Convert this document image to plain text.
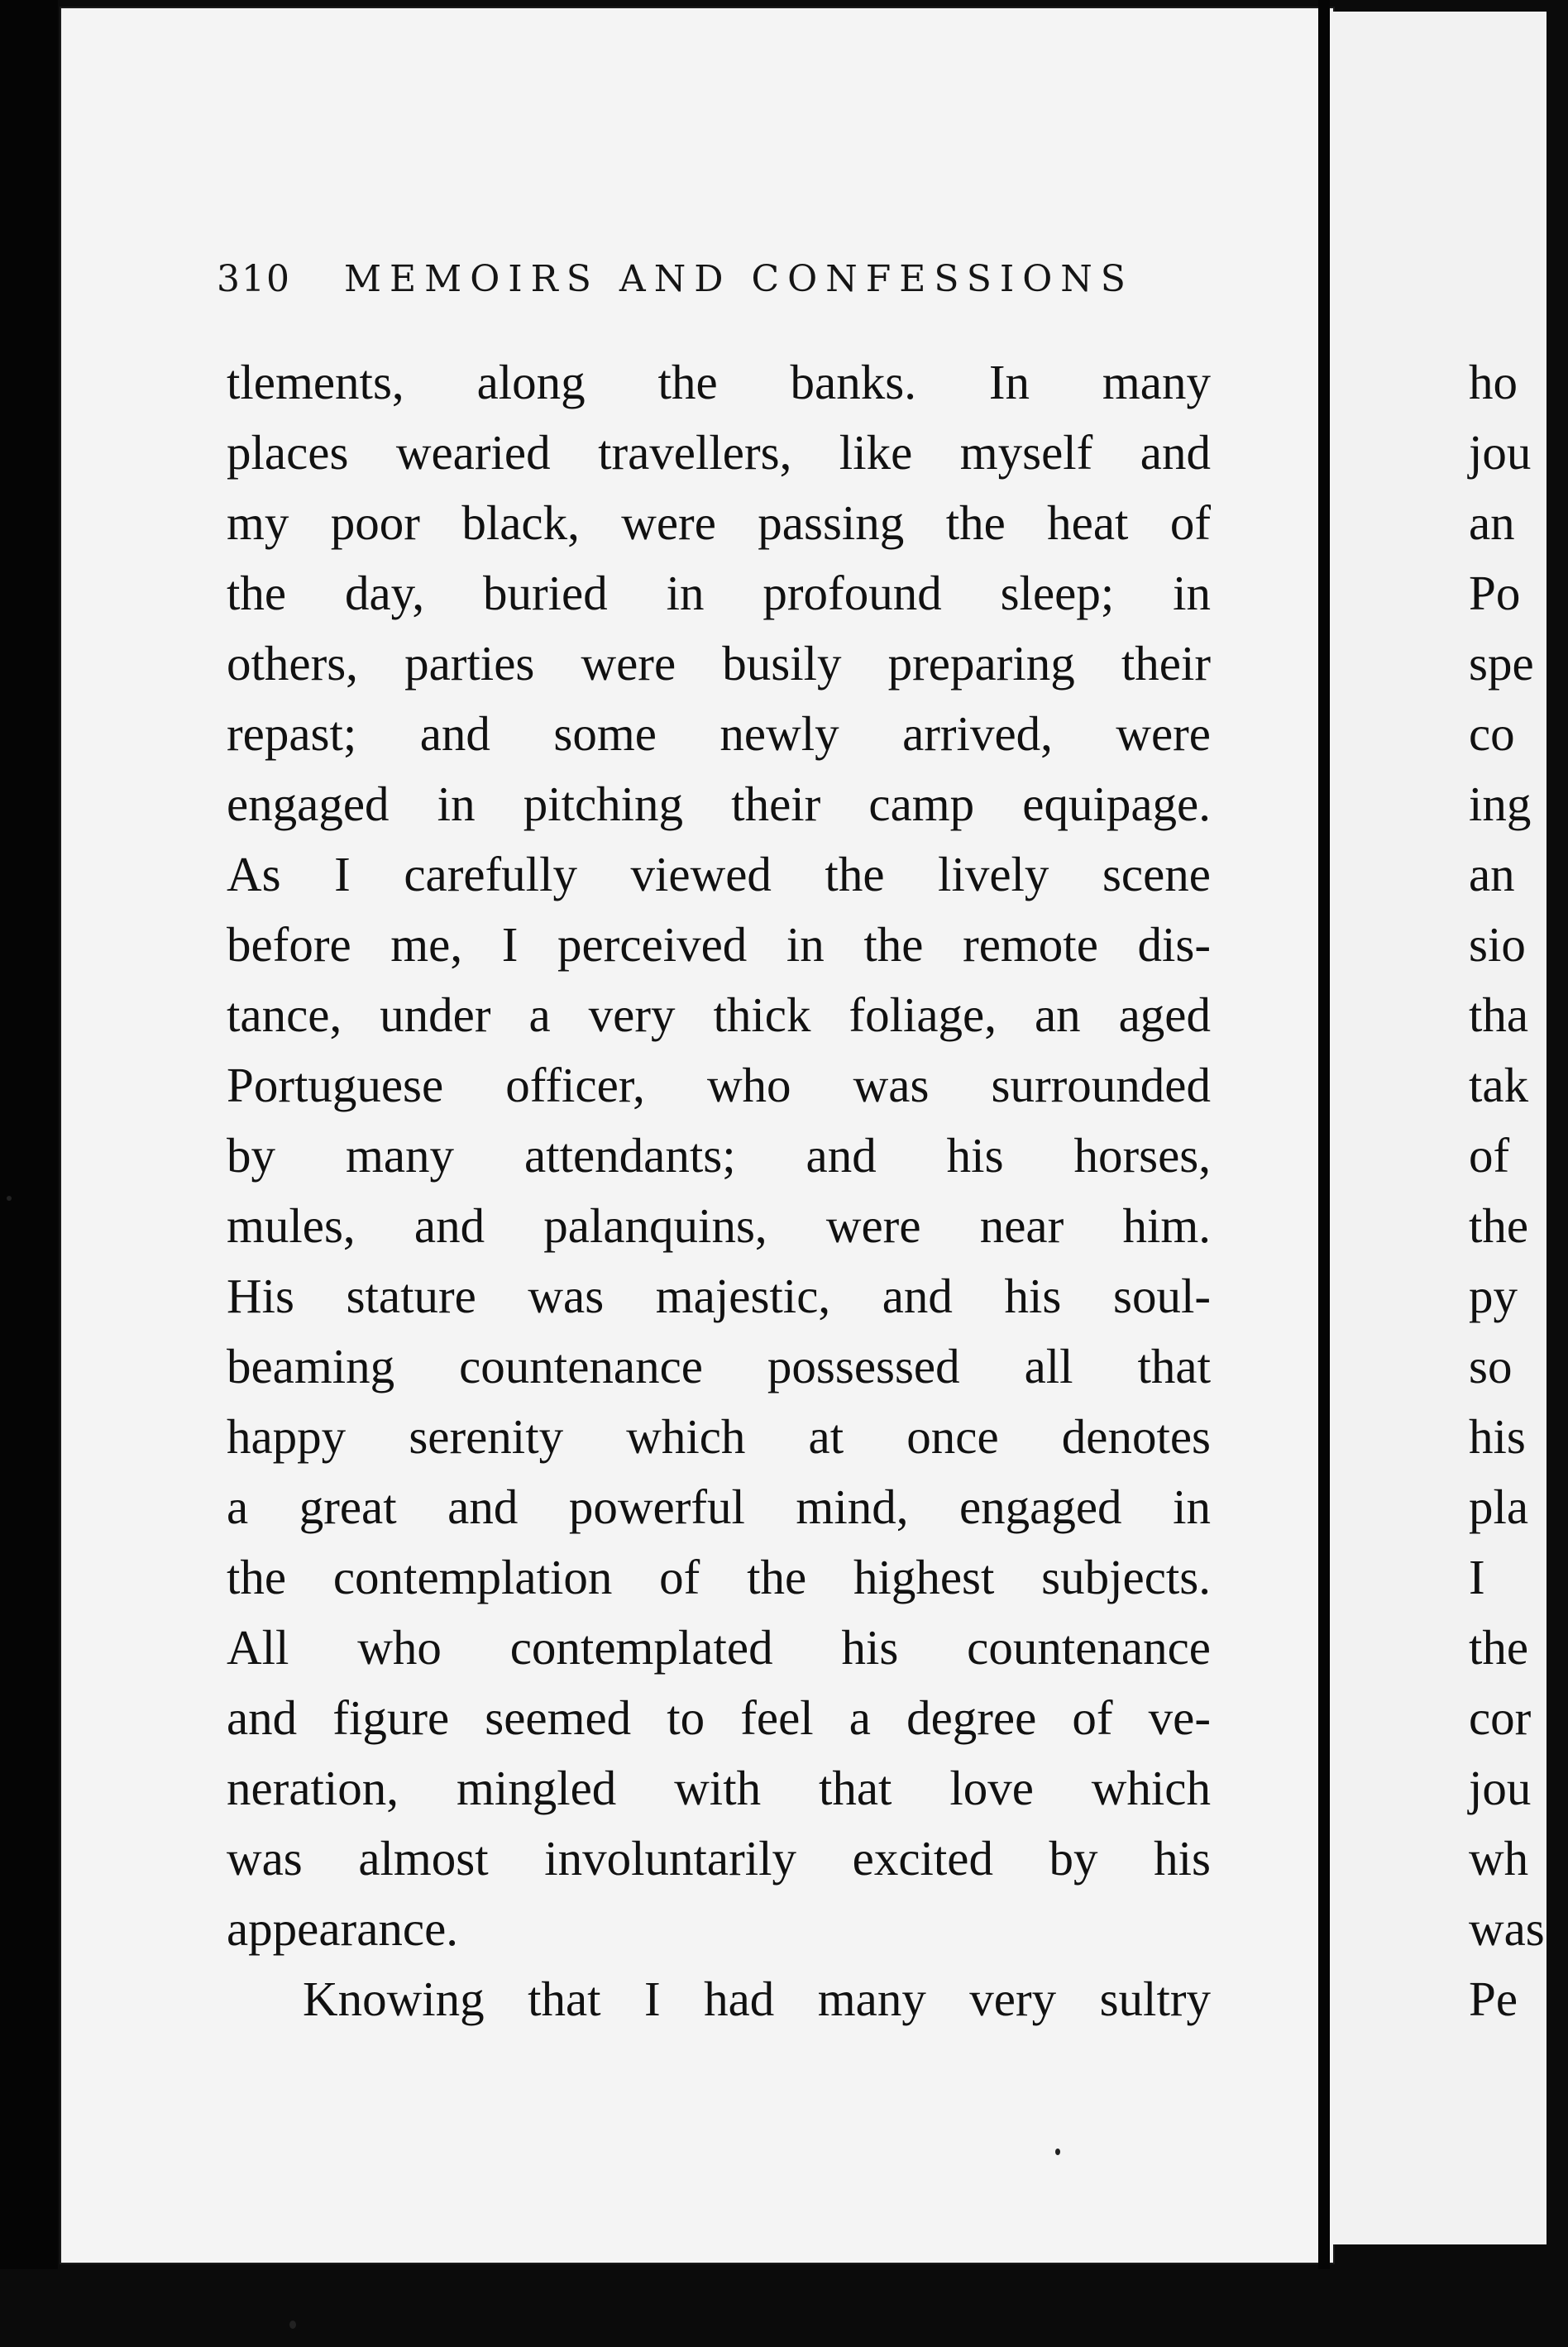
310 MEMOIRS AND CONFESSIONS
tlements, along the banks. In many
places wearied travellers, like myself and
my poor black, were passing the heat of
the day, buried in profound sleep; in
others, parties were busily preparing their
repast; and some newly arrived, were
engaged in pitching their camp equipage.
As I carefully viewed the lively scene
before me, I perceived in the remote dis-
tance, under a very thick foliage, an aged
Portuguese officer, who was surrounded
by many attendants; and his horses,
mules, and palanquins, were near him.
His stature was majestic, and his soul-
beaming countenance possessed all that
happy serenity which at once denotes
a great and powerful mind, engaged in
the contemplation of the highest subjects.
All who contemplated his countenance
and figure seemed to feel a degree of ve-
neration, mingled with that love which
was almost involuntarily excited by his
appearance.
Knowing that I had many very sultry
ho
jou
an
Po
spe
co
ing
an
sio
tha
tak
of
the
py
so
his
pla
I
the
cor
jou
wh
was
Pe
